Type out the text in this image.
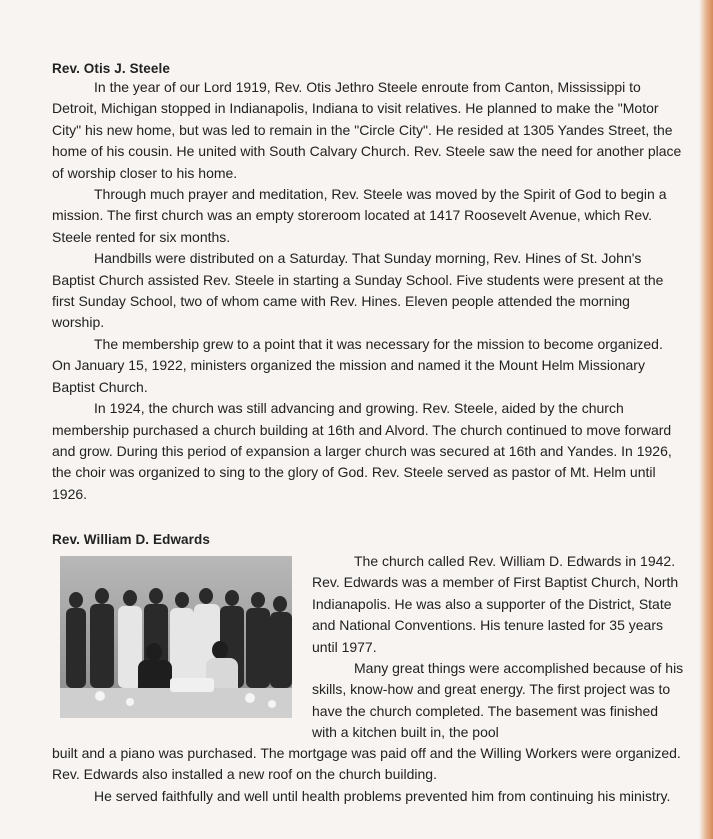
Rev. Otis J. Steele

In the year of our Lord 1919, Rev. Otis Jethro Steele enroute from Canton, Mississippi to Detroit, Michigan stopped in Indianapolis, Indiana to visit relatives. He planned to make the "Motor City" his new home, but was led to remain in the "Circle City". He resided at 1305 Yandes Street, the home of his cousin. He united with South Calvary Church. Rev. Steele saw the need for another place of worship closer to his home.

Through much prayer and meditation, Rev. Steele was moved by the Spirit of God to begin a mission. The first church was an empty storeroom located at 1417 Roosevelt Avenue, which Rev. Steele rented for six months.

Handbills were distributed on a Saturday. That Sunday morning, Rev. Hines of St. John's Baptist Church assisted Rev. Steele in starting a Sunday School. Five students were present at the first Sunday School, two of whom came with Rev. Hines. Eleven people attended the morning worship.

The membership grew to a point that it was necessary for the mission to become organized. On January 15, 1922, ministers organized the mission and named it the Mount Helm Missionary Baptist Church.

In 1924, the church was still advancing and growing. Rev. Steele, aided by the church membership purchased a church building at 16th and Alvord. The church continued to move forward and grow. During this period of expansion a larger church was secured at 16th and Yandes. In 1926, the choir was organized to sing to the glory of God. Rev. Steele served as pastor of Mt. Helm until 1926.

Rev. William D. Edwards

The church called Rev. William D. Edwards in 1942. Rev. Edwards was a member of First Baptist Church, North Indianapolis. He was also a supporter of the District, State and National Conventions. His tenure lasted for 35 years until 1977.

Many great things were accomplished because of his skills, know-how and great energy. The first project was to have the church completed. The basement was finished with a kitchen built in, the pool

built and a piano was purchased. The mortgage was paid off and the Willing Workers were organized. Rev. Edwards also installed a new roof on the church building.

He served faithfully and well until health problems prevented him from continuing his ministry.
